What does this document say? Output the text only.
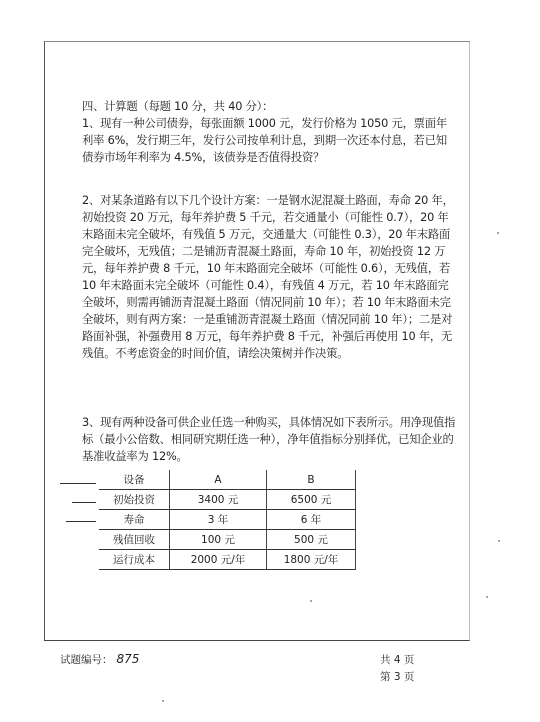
四、计算题（每题 10 分，共 40 分）：

1、现有一种公司债券，每张面额 1000 元，发行价格为 1050 元，票面年利率 6%，发行期三年，发行公司按单利计息，到期一次还本付息，若已知债券市场年利率为 4.5%，该债券是否值得投资？

2、对某条道路有以下几个设计方案：一是钢水泥混凝土路面，寿命 20 年，初始投资 20 万元，每年养护费 5 千元，若交通量小（可能性 0.7），20 年末路面未完全破坏，有残值 5 万元，交通量大（可能性 0.3），20 年末路面完全破坏，无残值；二是铺沥青混凝土路面，寿命 10 年，初始投资 12 万元，每年养护费 8 千元，10 年末路面完全破坏（可能性 0.6），无残值，若 10 年末路面未完全破坏（可能性 0.4），有残值 4 万元，若 10 年末路面完全破坏，则需再铺沥青混凝土路面（情况同前 10 年）；若 10 年末路面未完全破坏，则有两方案：一是重铺沥青混凝土路面（情况同前 10 年）；二是对路面补强，补强费用 8 万元，每年养护费 8 千元，补强后再使用 10 年，无残值。不考虑资金的时间价值，请绘决策树并作决策。

3、现有两种设备可供企业任选一种购买，具体情况如下表所示。用净现值指标（最小公倍数、相同研究期任选一种），净年值指标分别择优，已知企业的基准收益率为 12%。

设备	A	B
初始投资	3400 元	6500 元
寿命	3 年	6 年
残值回收	100 元	500 元
运行成本	2000 元/年	1800 元/年
试题编号： 875	共 4 页
第 3 页
